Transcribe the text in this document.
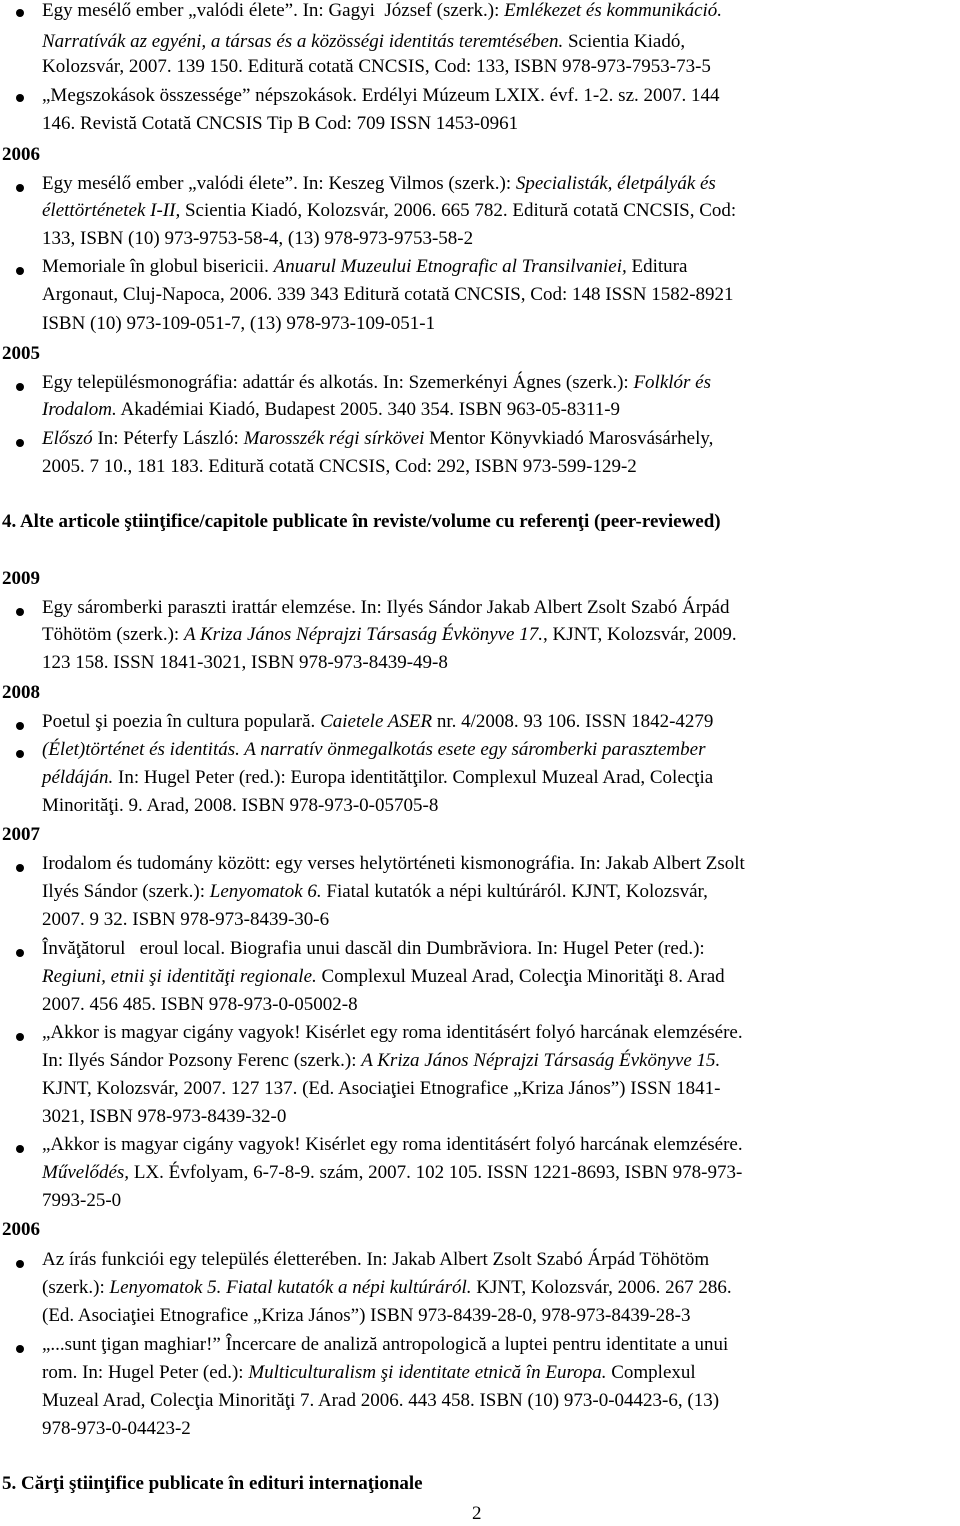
Egy mesélő ember „valódi élete”. In: Gagyi  József (szerk.): Emlékezet és kommunikáció.
Narratívák az egyéni, a társas és a közösségi identitás teremtésében. Scientia Kiadó,
Kolozsvár, 2007. 139 150. Editură cotată CNCSIS, Cod: 133, ISBN 978-973-7953-73-5
„Megszokások összessége” népszokások. Erdélyi Múzeum LXIX. évf. 1-2. sz. 2007. 144
146. Revistă Cotată CNCSIS Tip B Cod: 709 ISSN 1453-0961
2006
Egy mesélő ember „valódi élete”. In: Keszeg Vilmos (szerk.): Specialisták, életpályák és
élettörténetek I-II, Scientia Kiadó, Kolozsvár, 2006. 665 782. Editură cotată CNCSIS, Cod:
133, ISBN (10) 973-9753-58-4, (13) 978-973-9753-58-2
Memoriale în globul bisericii. Anuarul Muzeului Etnografic al Transilvaniei, Editura
Argonaut, Cluj-Napoca, 2006. 339 343 Editură cotată CNCSIS, Cod: 148 ISSN 1582-8921
ISBN (10) 973-109-051-7, (13) 978-973-109-051-1
2005
Egy településmonográfia: adattár és alkotás. In: Szemerkényi Ágnes (szerk.): Folklór és
Irodalom. Akadémiai Kiadó, Budapest 2005. 340 354. ISBN 963-05-8311-9
Előszó In: Péterfy László: Marosszék régi sírkövei Mentor Könyvkiadó Marosvásárhely,
2005. 7 10., 181 183. Editură cotată CNCSIS, Cod: 292, ISBN 973-599-129-2
4. Alte articole ştiinţifice/capitole publicate în reviste/volume cu referenţi (peer-reviewed)
2009
Egy sáromberki paraszti irattár elemzése. In: Ilyés Sándor Jakab Albert Zsolt Szabó Árpád
Töhötöm (szerk.): A Kriza János Néprajzi Társaság Évkönyve 17., KJNT, Kolozsvár, 2009.
123 158. ISSN 1841-3021, ISBN 978-973-8439-49-8
2008
Poetul şi poezia în cultura populară. Caietele ASER nr. 4/2008. 93 106. ISSN 1842-4279
(Élet)történet és identitás. A narratív önmegalkotás esete egy sáromberki parasztember
példáján. In: Hugel Peter (red.): Europa identitătţilor. Complexul Muzeal Arad, Colecţia
Minorităţi. 9. Arad, 2008. ISBN 978-973-0-05705-8
2007
Irodalom és tudomány között: egy verses helytörténeti kismonográfia. In: Jakab Albert Zsolt
Ilyés Sándor (szerk.): Lenyomatok 6. Fiatal kutatók a népi kultúráról. KJNT, Kolozsvár,
2007. 9 32. ISBN 978-973-8439-30-6
Învăţătorul   eroul local. Biografia unui dascăl din Dumbrăviora. In: Hugel Peter (red.):
Regiuni, etnii şi identităţi regionale. Complexul Muzeal Arad, Colecţia Minorităţi 8. Arad
2007. 456 485. ISBN 978-973-0-05002-8
„Akkor is magyar cigány vagyok! Kisérlet egy roma identitásért folyó harcának elemzésére.
In: Ilyés Sándor Pozsony Ferenc (szerk.): A Kriza János Néprajzi Társaság Évkönyve 15.
KJNT, Kolozsvár, 2007. 127 137. (Ed. Asociaţiei Etnografice „Kriza János”) ISSN 1841-
3021, ISBN 978-973-8439-32-0
„Akkor is magyar cigány vagyok! Kisérlet egy roma identitásért folyó harcának elemzésére.
Művelődés, LX. Évfolyam, 6-7-8-9. szám, 2007. 102 105. ISSN 1221-8693, ISBN 978-973-
7993-25-0
2006
Az írás funkciói egy település életterében. In: Jakab Albert Zsolt Szabó Árpád Töhötöm
(szerk.): Lenyomatok 5. Fiatal kutatók a népi kultúráról. KJNT, Kolozsvár, 2006. 267 286.
(Ed. Asociaţiei Etnografice „Kriza János”) ISBN 973-8439-28-0, 978-973-8439-28-3
„...sunt ţigan maghiar!” Încercare de analiză antropologică a luptei pentru identitate a unui
rom. In: Hugel Peter (ed.): Multiculturalism şi identitate etnică în Europa. Complexul
Muzeal Arad, Colecţia Minorităţi 7. Arad 2006. 443 458. ISBN (10) 973-0-04423-6, (13)
978-973-0-04423-2
5. Cărţi ştiinţifice publicate în edituri internaţionale
2
